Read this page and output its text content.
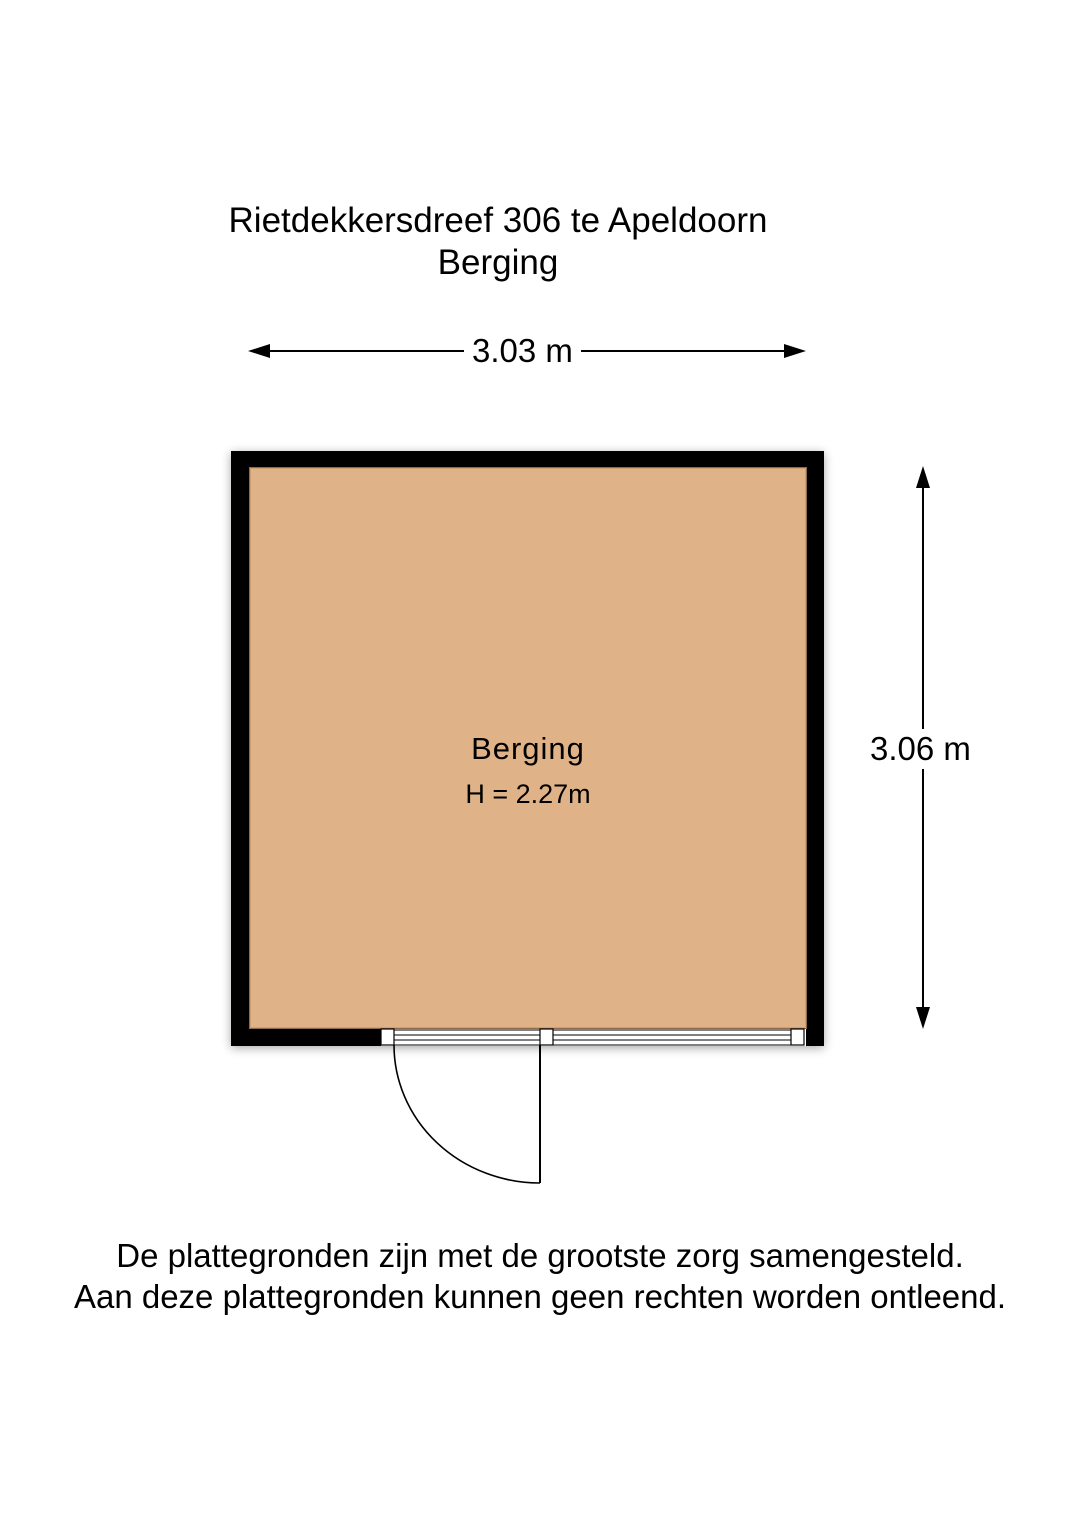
Rietdekkersdreef 306 te Apeldoorn
Berging
3.03 m
3.06 m
Berging
H = 2.27m
De plattegronden zijn met de grootste zorg samengesteld.
Aan deze plattegronden kunnen geen rechten worden ontleend.
